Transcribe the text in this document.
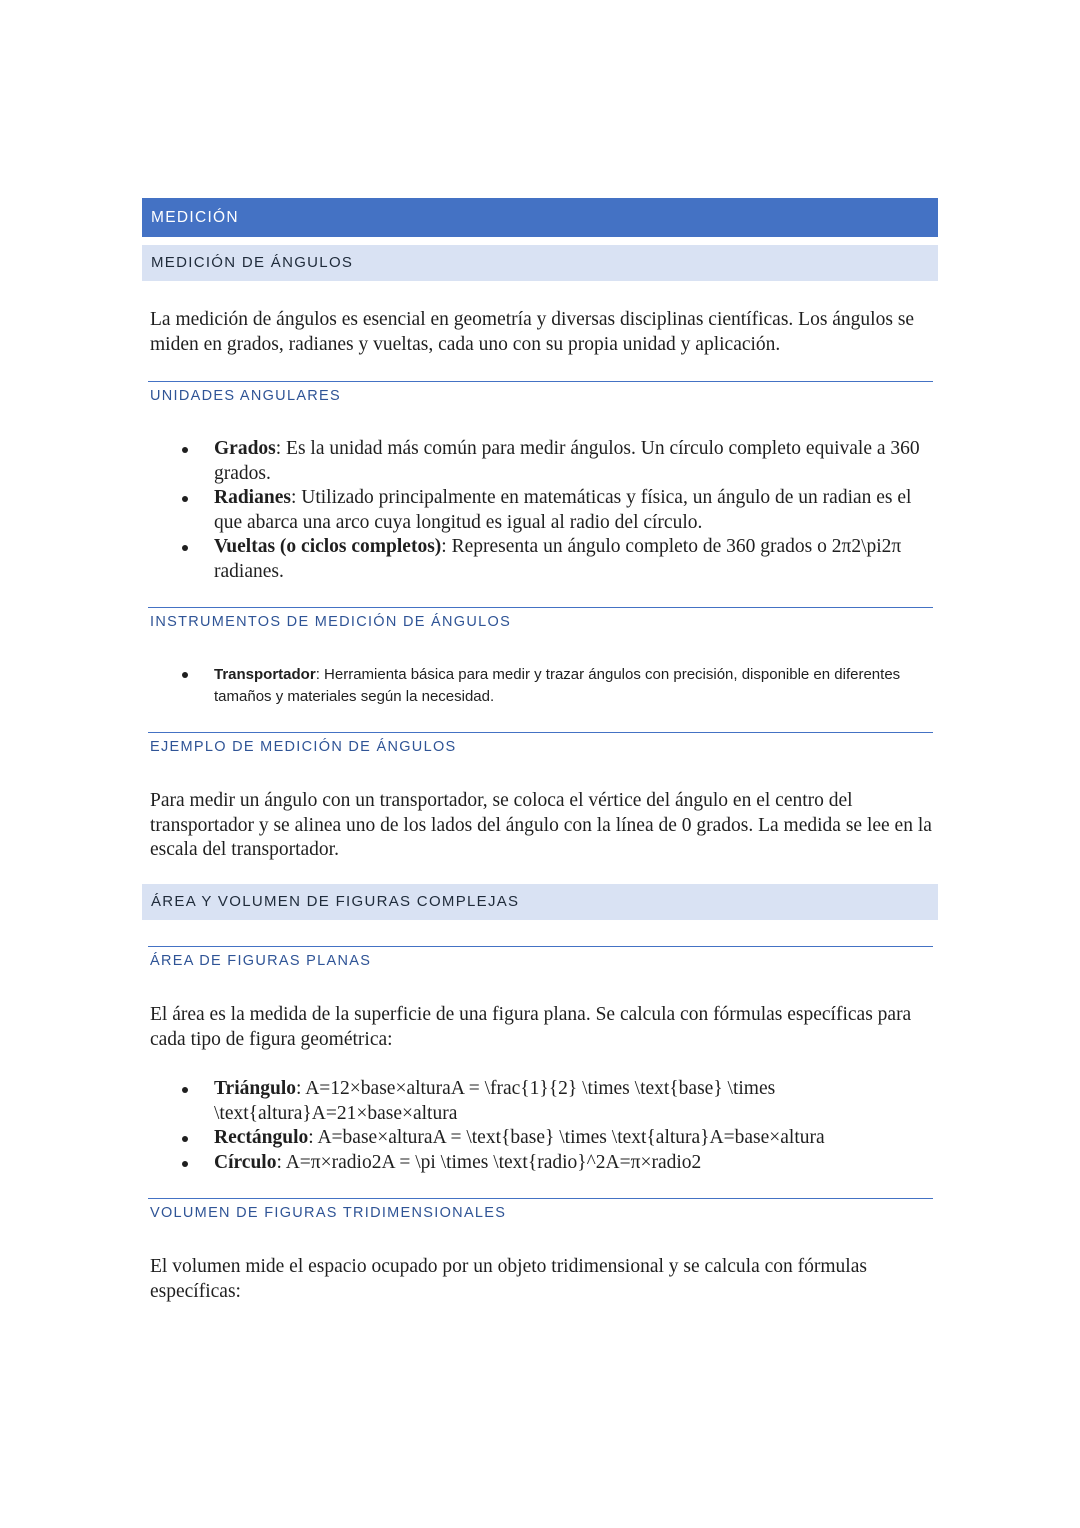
MEDICIÓN
MEDICIÓN DE ÁNGULOS

La medición de ángulos es esencial en geometría y diversas disciplinas científicas. Los ángulos se miden en grados, radianes y vueltas, cada uno con su propia unidad y aplicación.

UNIDADES ANGULARES
Grados: Es la unidad más común para medir ángulos. Un círculo completo equivale a 360 grados.
Radianes: Utilizado principalmente en matemáticas y física, un ángulo de un radian es el que abarca una arco cuya longitud es igual al radio del círculo.
Vueltas (o ciclos completos): Representa un ángulo completo de 360 grados o 2π2\pi2π radianes.
INSTRUMENTOS DE MEDICIÓN DE ÁNGULOS
Transportador: Herramienta básica para medir y trazar ángulos con precisión, disponible en diferentes tamaños y materiales según la necesidad.
EJEMPLO DE MEDICIÓN DE ÁNGULOS

Para medir un ángulo con un transportador, se coloca el vértice del ángulo en el centro del transportador y se alinea uno de los lados del ángulo con la línea de 0 grados. La medida se lee en la escala del transportador.

ÁREA Y VOLUMEN DE FIGURAS COMPLEJAS
ÁREA DE FIGURAS PLANAS

El área es la medida de la superficie de una figura plana. Se calcula con fórmulas específicas para cada tipo de figura geométrica:

Triángulo: A=12×base×alturaA = \frac{1}{2} \times \text{base} \times \text{altura}A=21×base×altura
Rectángulo: A=base×alturaA = \text{base} \times \text{altura}A=base×altura
Círculo: A=π×radio2A = \pi \times \text{radio}^2A=π×radio2
VOLUMEN DE FIGURAS TRIDIMENSIONALES

El volumen mide el espacio ocupado por un objeto tridimensional y se calcula con fórmulas específicas:
